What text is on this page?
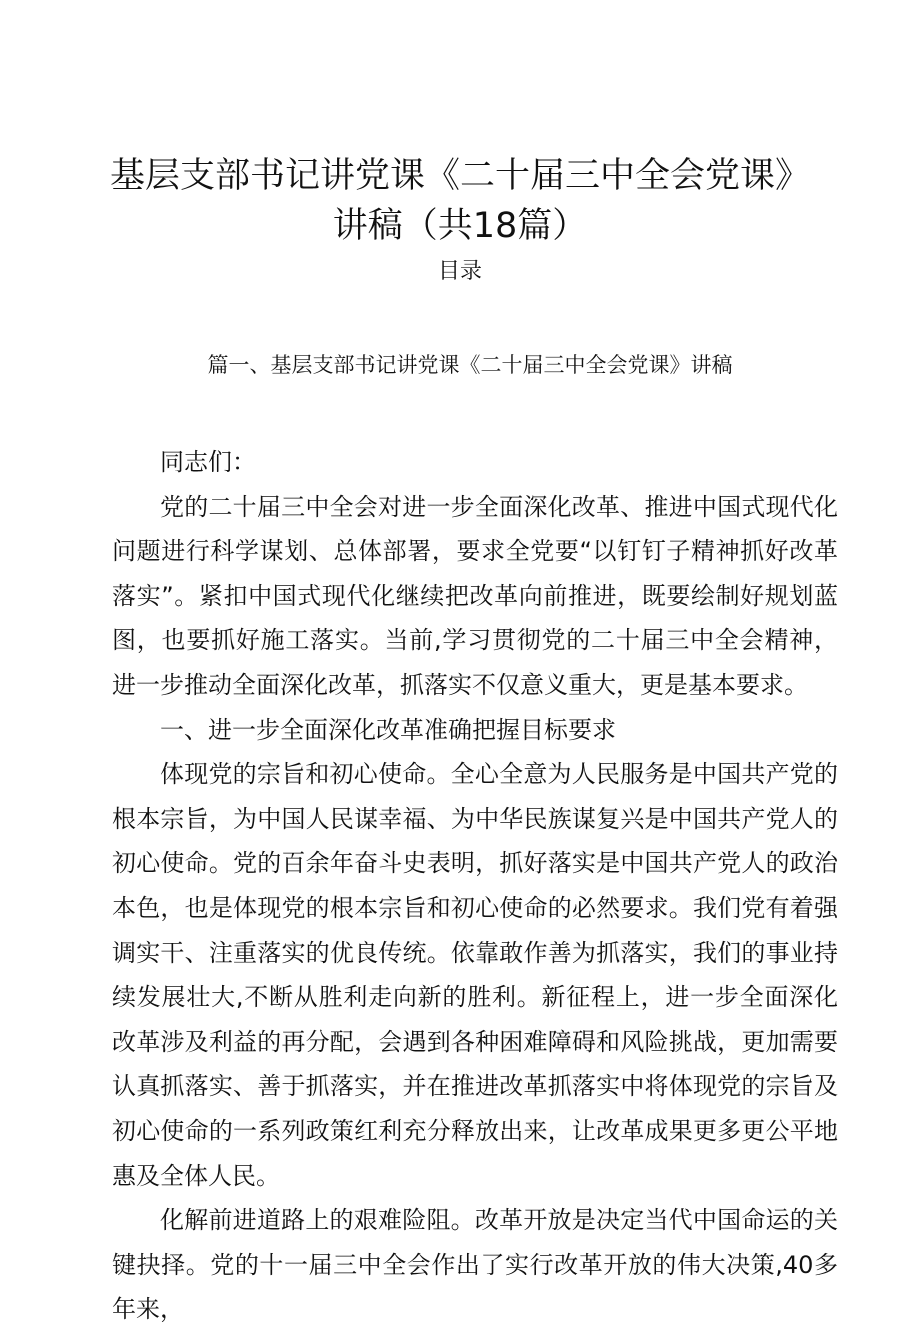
基层支部书记讲党课《二十届三中全会党课》讲稿（共18篇）
目录
篇一、基层支部书记讲党课《二十届三中全会党课》讲稿

同志们：

党的二十届三中全会对进一步全面深化改革、推进中国式现代化问题进行科学谋划、总体部署，要求全党要“以钉钉子精神抓好改革落实”。紧扣中国式现代化继续把改革向前推进，既要绘制好规划蓝图，也要抓好施工落实。当前,学习贯彻党的二十届三中全会精神，进一步推动全面深化改革，抓落实不仅意义重大，更是基本要求。

一、进一步全面深化改革准确把握目标要求

体现党的宗旨和初心使命。全心全意为人民服务是中国共产党的根本宗旨，为中国人民谋幸福、为中华民族谋复兴是中国共产党人的初心使命。党的百余年奋斗史表明，抓好落实是中国共产党人的政治本色，也是体现党的根本宗旨和初心使命的必然要求。我们党有着强调实干、注重落实的优良传统。依靠敢作善为抓落实，我们的事业持续发展壮大,不断从胜利走向新的胜利。新征程上，进一步全面深化改革涉及利益的再分配，会遇到各种困难障碍和风险挑战，更加需要认真抓落实、善于抓落实，并在推进改革抓落实中将体现党的宗旨及初心使命的一系列政策红利充分释放出来，让改革成果更多更公平地惠及全体人民。

化解前进道路上的艰难险阻。改革开放是决定当代中国命运的关键抉择。党的十一届三中全会作出了实行改革开放的伟大决策,40多年来，
